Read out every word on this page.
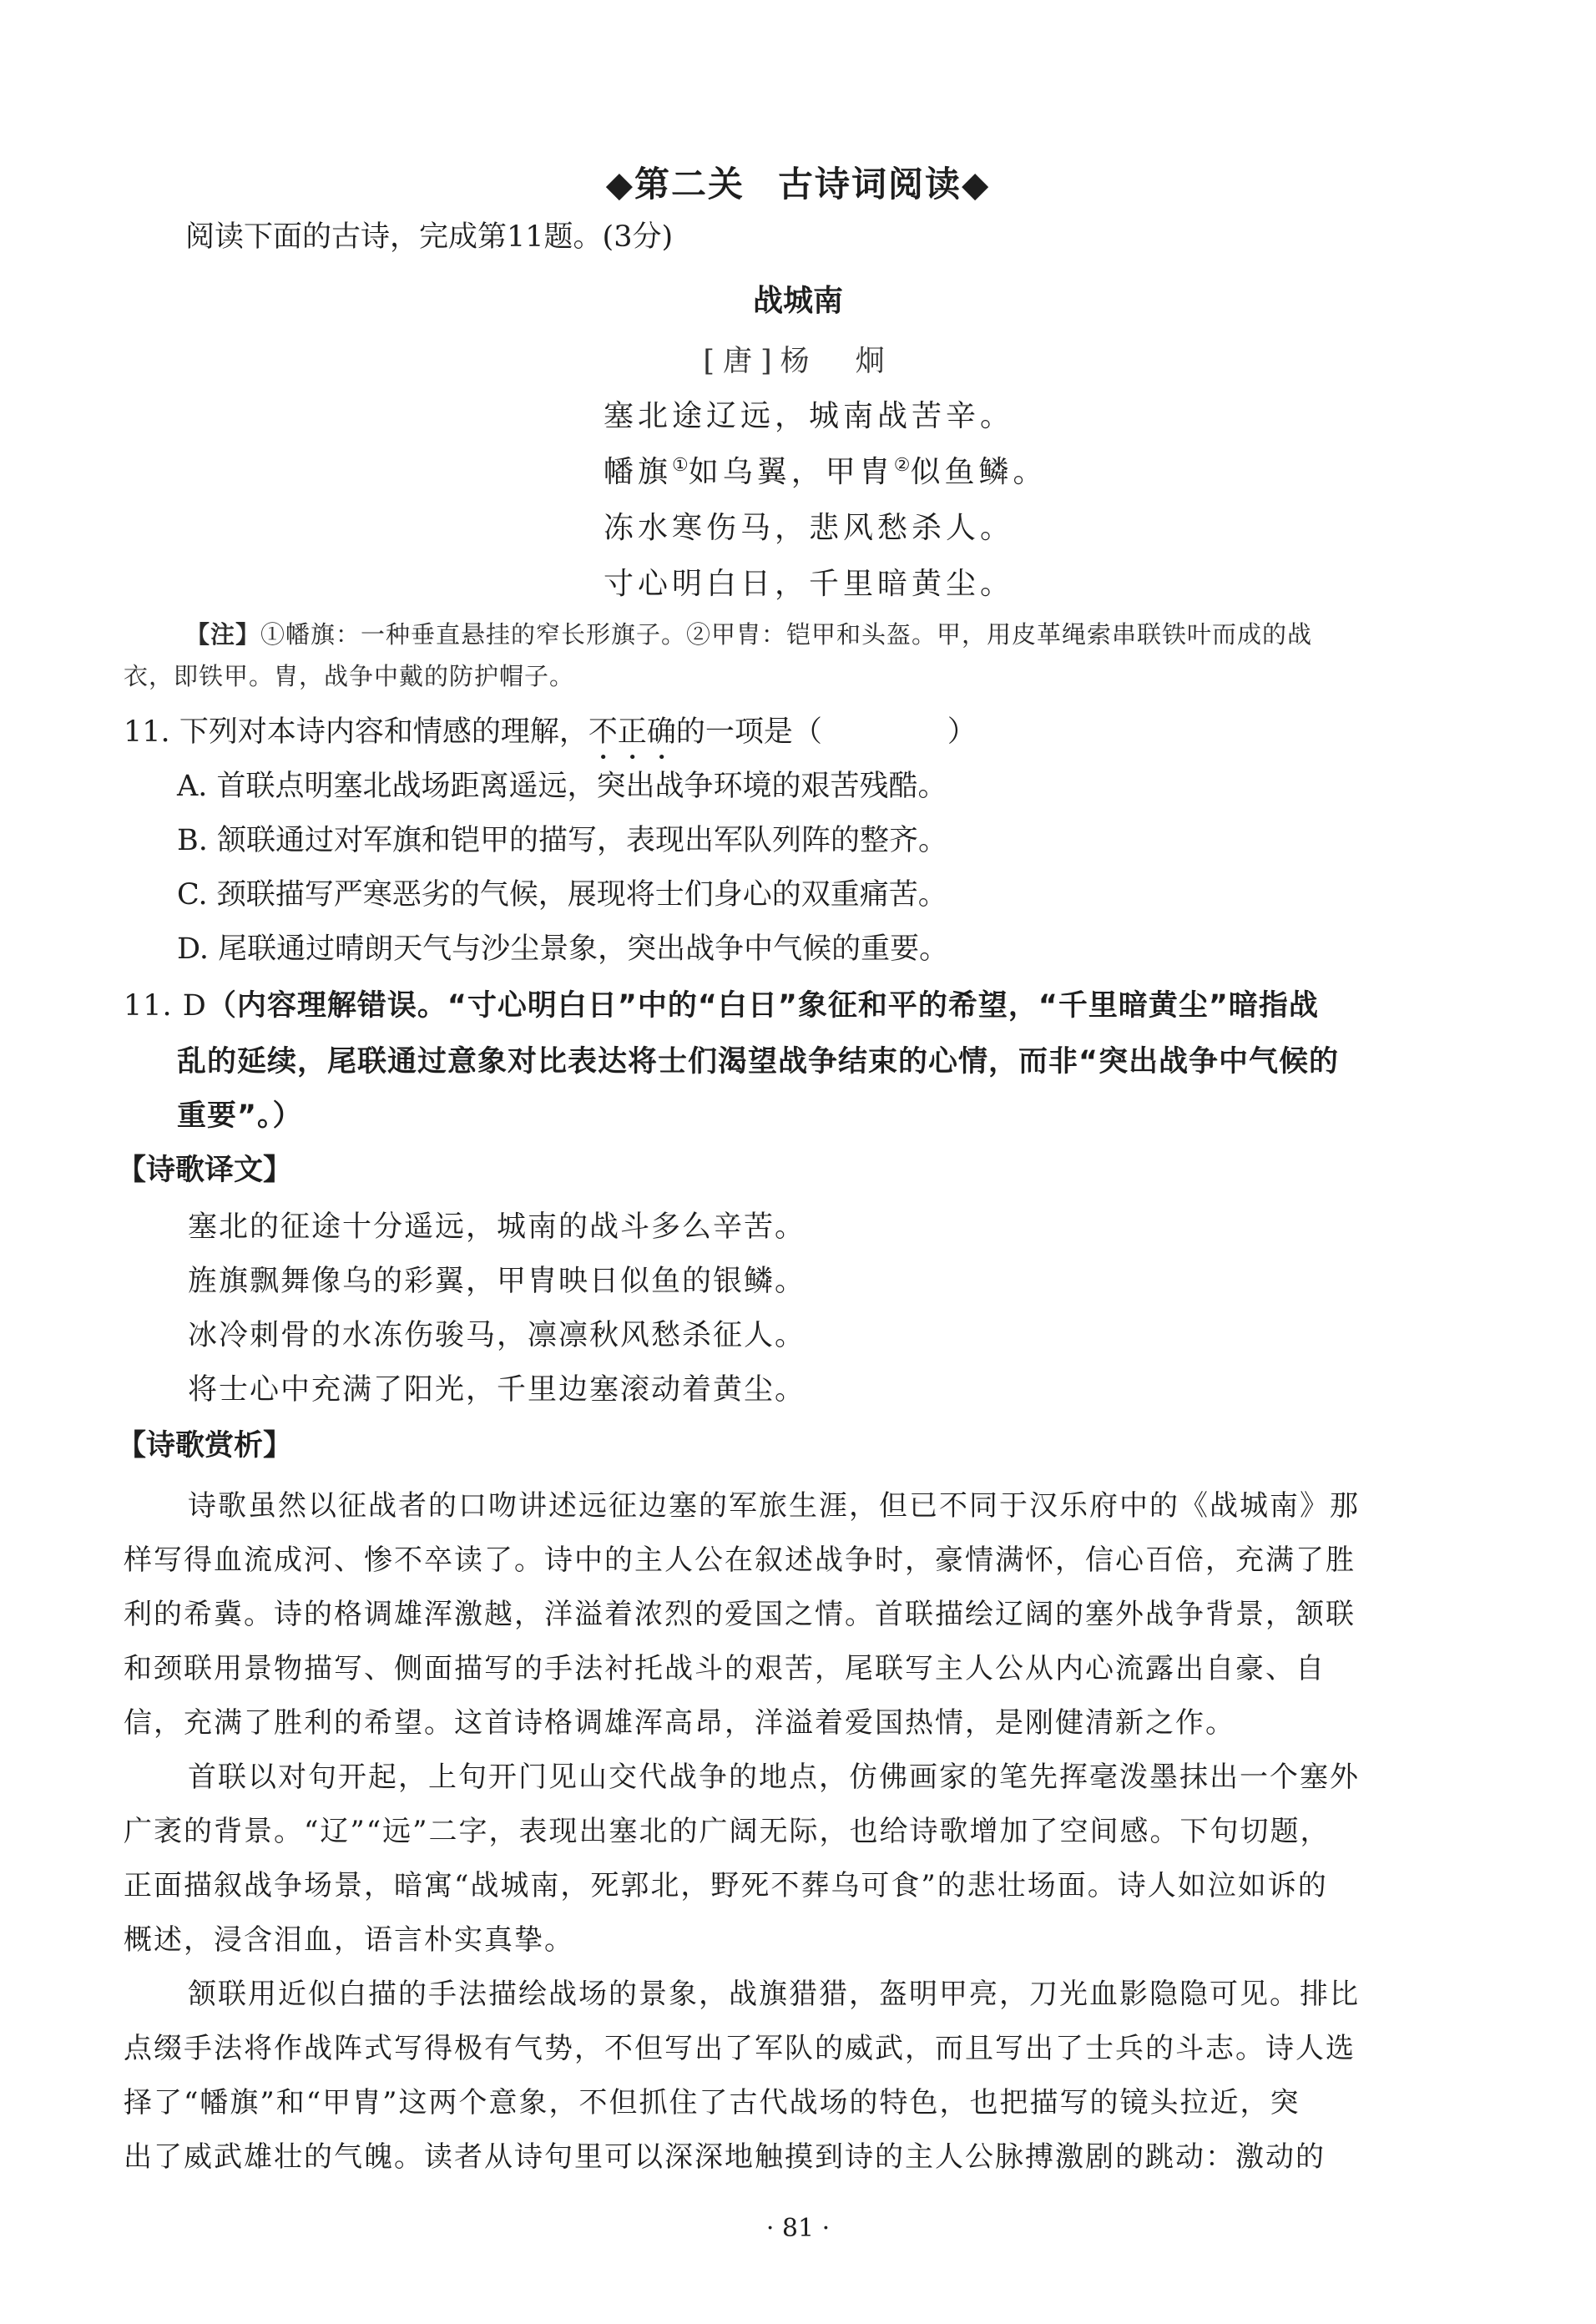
◆第二关 古诗词阅读◆
阅读下面的古诗，完成第11题。(3分)
战城南
[唐]杨　炯
塞北途辽远，城南战苦辛。
幡旗①如乌翼，甲胄②似鱼鳞。
冻水寒伤马，悲风愁杀人。
寸心明白日，千里暗黄尘。
【注】①幡旗：一种垂直悬挂的窄长形旗子。②甲胄：铠甲和头盔。甲，用皮革绳索串联铁叶而成的战
衣，即铁甲。胄，战争中戴的防护帽子。
11. 下列对本诗内容和情感的理解，不正确的一项是（	）
A. 首联点明塞北战场距离遥远，突出战争环境的艰苦残酷。
B. 颔联通过对军旗和铠甲的描写，表现出军队列阵的整齐。
C. 颈联描写严寒恶劣的气候，展现将士们身心的双重痛苦。
D. 尾联通过晴朗天气与沙尘景象，突出战争中气候的重要。
11. D（内容理解错误。“寸心明白日”中的“白日”象征和平的希望，“千里暗黄尘”暗指战
乱的延续，尾联通过意象对比表达将士们渴望战争结束的心情，而非“突出战争中气候的
重要”。）
【诗歌译文】
塞北的征途十分遥远，城南的战斗多么辛苦。
旌旗飘舞像乌的彩翼，甲胄映日似鱼的银鳞。
冰冷刺骨的水冻伤骏马，凛凛秋风愁杀征人。
将士心中充满了阳光，千里边塞滚动着黄尘。
【诗歌赏析】
诗歌虽然以征战者的口吻讲述远征边塞的军旅生涯，但已不同于汉乐府中的《战城南》那
样写得血流成河、惨不卒读了。诗中的主人公在叙述战争时，豪情满怀，信心百倍，充满了胜
利的希冀。诗的格调雄浑激越，洋溢着浓烈的爱国之情。首联描绘辽阔的塞外战争背景，颔联
和颈联用景物描写、侧面描写的手法衬托战斗的艰苦，尾联写主人公从内心流露出自豪、自
信，充满了胜利的希望。这首诗格调雄浑高昂，洋溢着爱国热情，是刚健清新之作。
首联以对句开起，上句开门见山交代战争的地点，仿佛画家的笔先挥毫泼墨抹出一个塞外
广袤的背景。“辽”“远”二字，表现出塞北的广阔无际，也给诗歌增加了空间感。下句切题，
正面描叙战争场景，暗寓“战城南，死郭北，野死不葬乌可食”的悲壮场面。诗人如泣如诉的
概述，浸含泪血，语言朴实真挚。
颔联用近似白描的手法描绘战场的景象，战旗猎猎，盔明甲亮，刀光血影隐隐可见。排比
点缀手法将作战阵式写得极有气势，不但写出了军队的威武，而且写出了士兵的斗志。诗人选
择了“幡旗”和“甲胄”这两个意象，不但抓住了古代战场的特色，也把描写的镜头拉近，突
出了威武雄壮的气魄。读者从诗句里可以深深地触摸到诗的主人公脉搏激剧的跳动：激动的
· 81 ·
